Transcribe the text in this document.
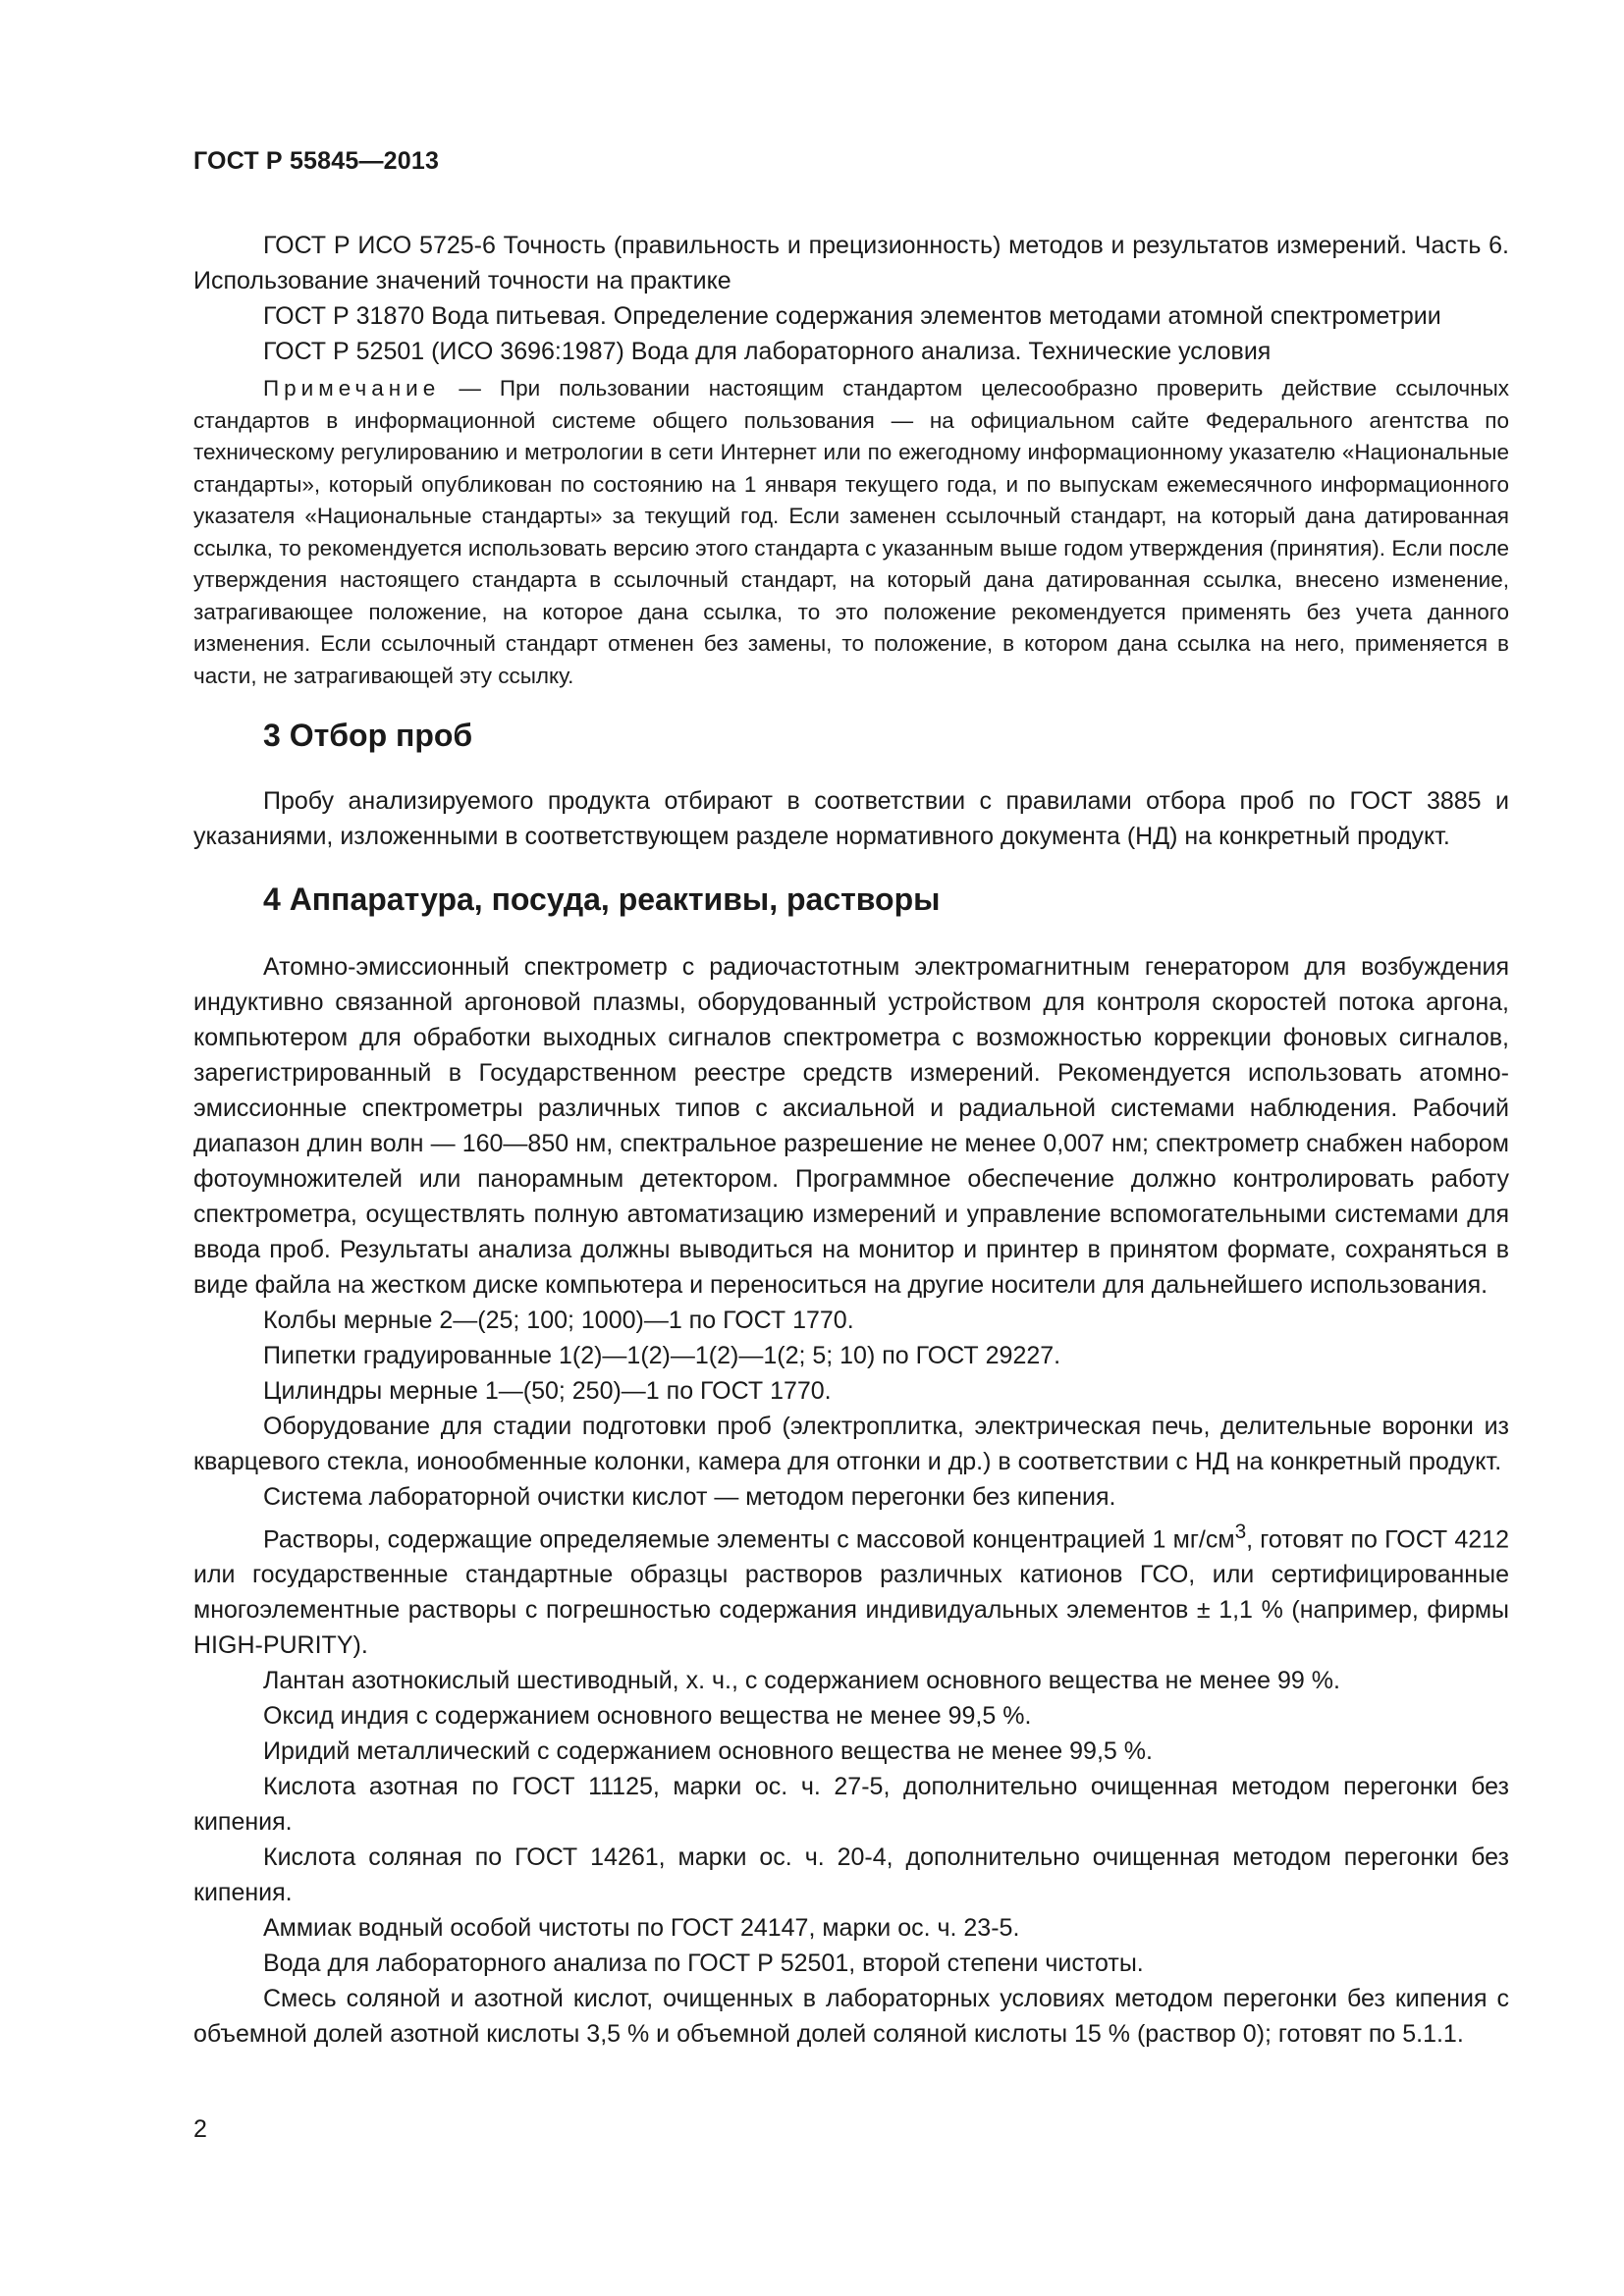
ГОСТ Р 55845—2013

ГОСТ Р ИСО 5725-6 Точность (правильность и прецизионность) методов и результатов измерений. Часть 6. Использование значений точности на практике

ГОСТ Р 31870 Вода питьевая. Определение содержания элементов методами атомной спектрометрии

ГОСТ Р 52501 (ИСО 3696:1987) Вода для лабораторного анализа. Технические условия

Примечание — При пользовании настоящим стандартом целесообразно проверить действие ссылочных стандартов в информационной системе общего пользования — на официальном сайте Федерального агентства по техническому регулированию и метрологии в сети Интернет или по ежегодному информационному указателю «Национальные стандарты», который опубликован по состоянию на 1 января текущего года, и по выпускам ежемесячного информационного указателя «Национальные стандарты» за текущий год. Если заменен ссылочный стандарт, на который дана датированная ссылка, то рекомендуется использовать версию этого стандарта с указанным выше годом утверждения (принятия). Если после утверждения настоящего стандарта в ссылочный стандарт, на который дана датированная ссылка, внесено изменение, затрагивающее положение, на которое дана ссылка, то это положение рекомендуется применять без учета данного изменения. Если ссылочный стандарт отменен без замены, то положение, в котором дана ссылка на него, применяется в части, не затрагивающей эту ссылку.

3 Отбор проб

Пробу анализируемого продукта отбирают в соответствии с правилами отбора проб по ГОСТ 3885 и указаниями, изложенными в соответствующем разделе нормативного документа (НД) на конкретный продукт.

4 Аппаратура, посуда, реактивы, растворы

Атомно-эмиссионный спектрометр с радиочастотным электромагнитным генератором для возбуждения индуктивно связанной аргоновой плазмы, оборудованный устройством для контроля скоростей потока аргона, компьютером для обработки выходных сигналов спектрометра с возможностью коррекции фоновых сигналов, зарегистрированный в Государственном реестре средств измерений. Рекомендуется использовать атомно-эмиссионные спектрометры различных типов с аксиальной и радиальной системами наблюдения. Рабочий диапазон длин волн — 160—850 нм, спектральное разрешение не менее 0,007 нм; спектрометр снабжен набором фотоумножителей или панорамным детектором. Программное обеспечение должно контролировать работу спектрометра, осуществлять полную автоматизацию измерений и управление вспомогательными системами для ввода проб. Результаты анализа должны выводиться на монитор и принтер в принятом формате, сохраняться в виде файла на жестком диске компьютера и переноситься на другие носители для дальнейшего использования.

Колбы мерные 2—(25; 100; 1000)—1 по ГОСТ 1770.

Пипетки градуированные 1(2)—1(2)—1(2)—1(2; 5; 10) по ГОСТ 29227.

Цилиндры мерные 1—(50; 250)—1 по ГОСТ 1770.

Оборудование для стадии подготовки проб (электроплитка, электрическая печь, делительные воронки из кварцевого стекла, ионообменные колонки, камера для отгонки и др.) в соответствии с НД на конкретный продукт.

Система лабораторной очистки кислот — методом перегонки без кипения.

Растворы, содержащие определяемые элементы с массовой концентрацией 1 $мг/см^3$, готовят по ГОСТ 4212 или государственные стандартные образцы растворов различных катионов ГСО, или сертифицированные многоэлементные растворы с погрешностью содержания индивидуальных элементов ± 1,1 % (например, фирмы HIGH-PURITY).

Лантан азотнокислый шестиводный, х. ч., с содержанием основного вещества не менее 99 %.

Оксид индия с содержанием основного вещества не менее 99,5 %.

Иридий металлический с содержанием основного вещества не менее 99,5 %.

Кислота азотная по ГОСТ 11125, марки ос. ч. 27-5, дополнительно очищенная методом перегонки без кипения.

Кислота соляная по ГОСТ 14261, марки ос. ч. 20-4, дополнительно очищенная методом перегонки без кипения.

Аммиак водный особой чистоты по ГОСТ 24147, марки ос. ч. 23-5.

Вода для лабораторного анализа по ГОСТ Р 52501, второй степени чистоты.

Смесь соляной и азотной кислот, очищенных в лабораторных условиях методом перегонки без кипения с объемной долей азотной кислоты 3,5 % и объемной долей соляной кислоты 15 % (раствор 0); готовят по 5.1.1.

2
